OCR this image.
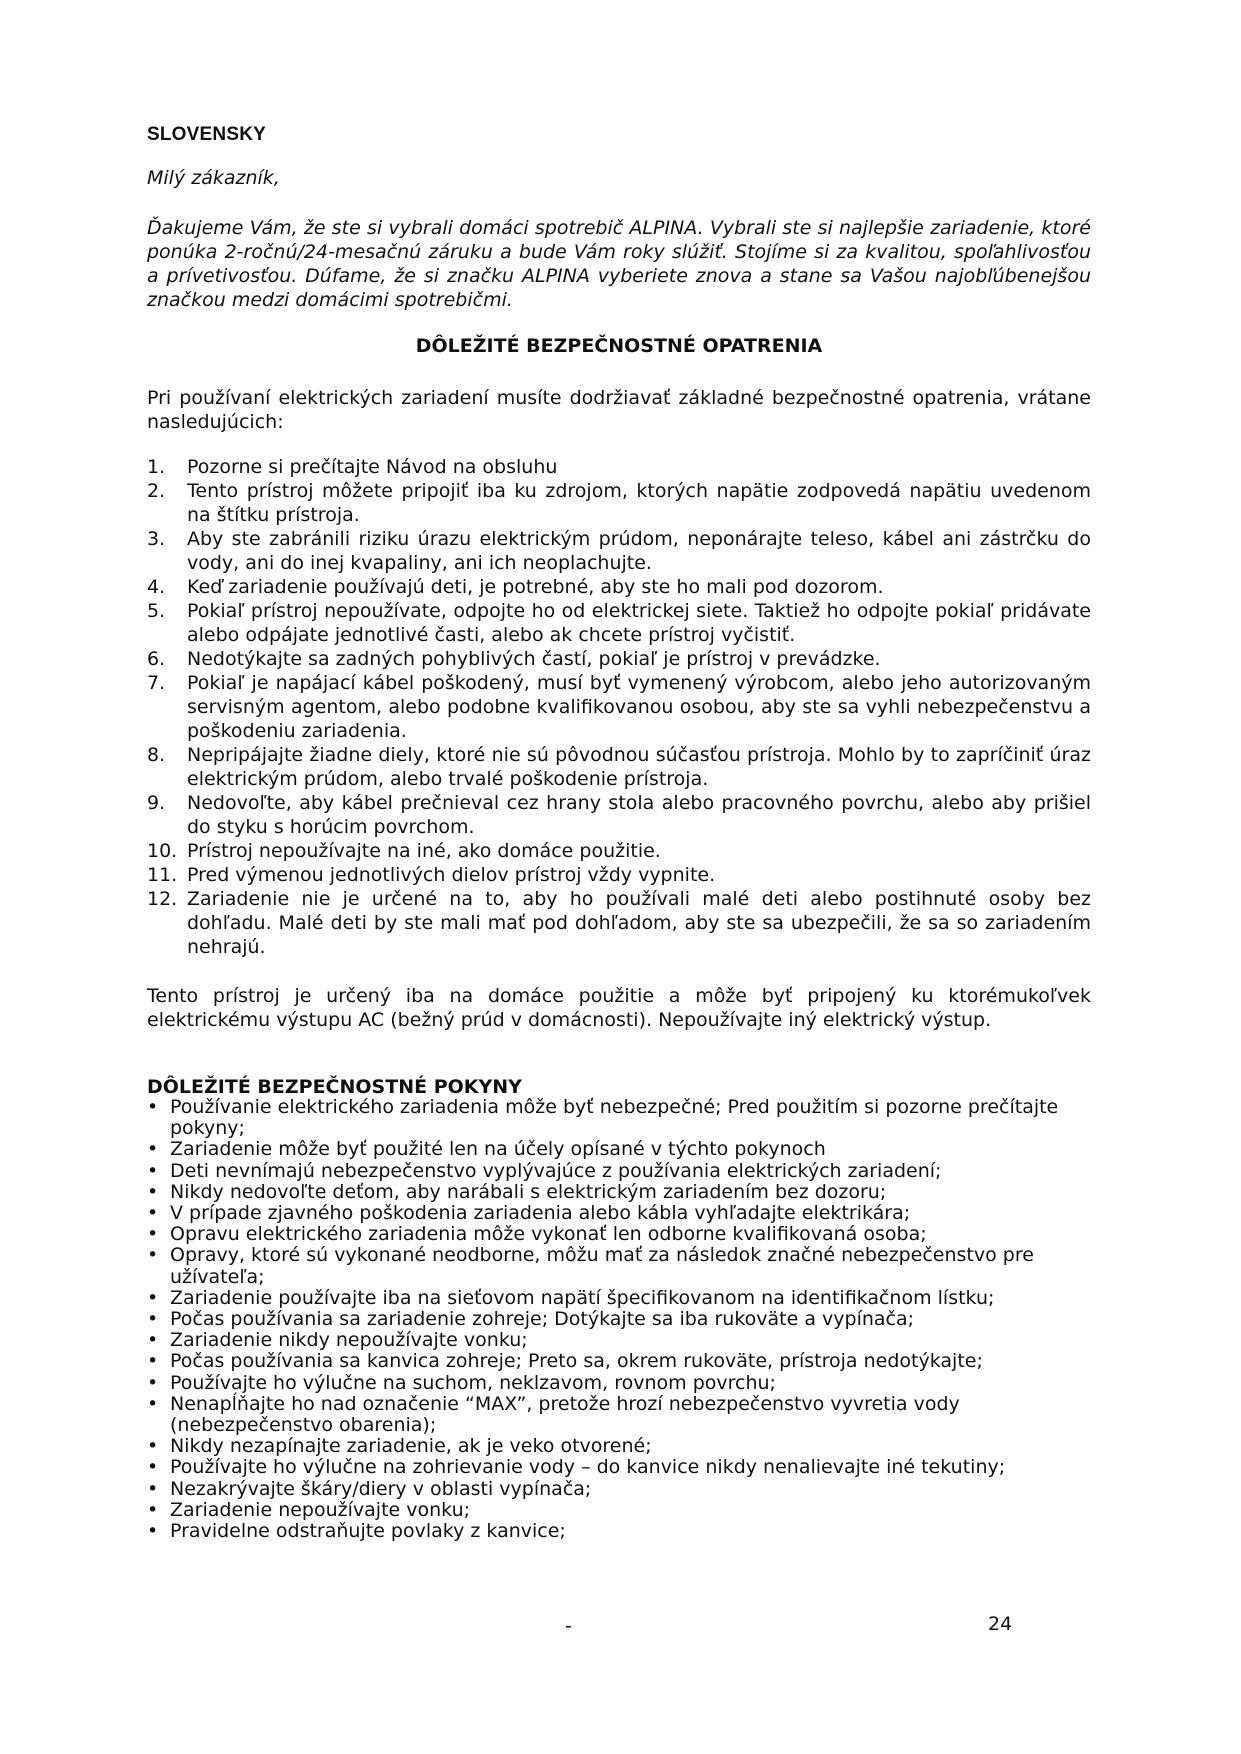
SLOVENSKY
Milý zákazník,

Ďakujeme Vám, že ste si vybrali domáci spotrebič ALPINA. Vybrali ste si najlepšie zariadenie, ktoré ponúka 2-ročnú/24-mesačnú záruku a bude Vám roky slúžiť. Stojíme si za kvalitou, spoľahlivosťou a prívetivosťou. Dúfame, že si značku ALPINA vyberiete znova a stane sa Vašou najobľúbenejšou značkou medzi domácimi spotrebičmi.

DÔLEŽITÉ BEZPEČNOSTNÉ OPATRENIA

Pri používaní elektrických zariadení musíte dodržiavať základné bezpečnostné opatrenia, vrátane nasledujúcich:

1. Pozorne si prečítajte Návod na obsluhu
2. Tento prístroj môžete pripojiť iba ku zdrojom, ktorých napätie zodpovedá napätiu uvedenom na štítku prístroja.
3. Aby ste zabránili riziku úrazu elektrickým prúdom, neponárajte teleso, kábel ani zástrčku do vody, ani do inej kvapaliny, ani ich neoplachujte.
4. Keď zariadenie používajú deti, je potrebné, aby ste ho mali pod dozorom.
5. Pokiaľ prístroj nepoužívate, odpojte ho od elektrickej siete. Taktiež ho odpojte pokiaľ pridávate alebo odpájate jednotlivé časti, alebo ak chcete prístroj vyčistiť.
6. Nedotýkajte sa zadných pohyblivých častí, pokiaľ je prístroj v prevádzke.
7. Pokiaľ je napájací kábel poškodený, musí byť vymenený výrobcom, alebo jeho autorizovaným servisným agentom, alebo podobne kvalifikovanou osobou, aby ste sa vyhli nebezpečenstvu a poškodeniu zariadenia.
8. Nepripájajte žiadne diely, ktoré nie sú pôvodnou súčasťou prístroja. Mohlo by to zapríčiniť úraz elektrickým prúdom, alebo trvalé poškodenie prístroja.
9. Nedovoľte, aby kábel prečnieval cez hrany stola alebo pracovného povrchu, alebo aby prišiel do styku s horúcim povrchom.
10. Prístroj nepoužívajte na iné, ako domáce použitie.
11. Pred výmenou jednotlivých dielov prístroj vždy vypnite.
12. Zariadenie nie je určené na to, aby ho používali malé deti alebo postihnuté osoby bez dohľadu. Malé deti by ste mali mať pod dohľadom, aby ste sa ubezpečili, že sa so zariadením nehrajú.

Tento prístroj je určený iba na domáce použitie a môže byť pripojený ku ktorémukoľvek elektrickému výstupu AC (bežný prúd v domácnosti). Nepoužívajte iný elektrický výstup.

DÔLEŽITÉ BEZPEČNOSTNÉ POKYNY
• Používanie elektrického zariadenia môže byť nebezpečné; Pred použitím si pozorne prečítajte pokyny;
• Zariadenie môže byť použité len na účely opísané v týchto pokynoch
• Deti nevnímajú nebezpečenstvo vyplývajúce z používania elektrických zariadení;
• Nikdy nedovoľte deťom, aby narábali s elektrickým zariadením bez dozoru;
• V prípade zjavného poškodenia zariadenia alebo kábla vyhľadajte elektrikára;
• Opravu elektrického zariadenia môže vykonať len odborne kvalifikovaná osoba;
• Opravy, ktoré sú vykonané neodborne, môžu mať za následok značné nebezpečenstvo pre užívateľa;
• Zariadenie používajte iba na sieťovom napätí špecifikovanom na identifikačnom lístku;
• Počas používania sa zariadenie zohreje; Dotýkajte sa iba rukoväte a vypínača;
• Zariadenie nikdy nepoužívajte vonku;
• Počas používania sa kanvica zohreje; Preto sa, okrem rukoväte, prístroja nedotýkajte;
• Používajte ho výlučne na suchom, neklzavom, rovnom povrchu;
• Nenapĺňajte ho nad označenie “MAX”, pretože hrozí nebezpečenstvo vyvretia vody (nebezpečenstvo obarenia);
• Nikdy nezapínajte zariadenie, ak je veko otvorené;
• Používajte ho výlučne na zohrievanie vody – do kanvice nikdy nenalievajte iné tekutiny;
• Nezakrývajte škáry/diery v oblasti vypínača;
• Zariadenie nepoužívajte vonku;
• Pravidelne odstraňujte povlaky z kanvice;
-	24
